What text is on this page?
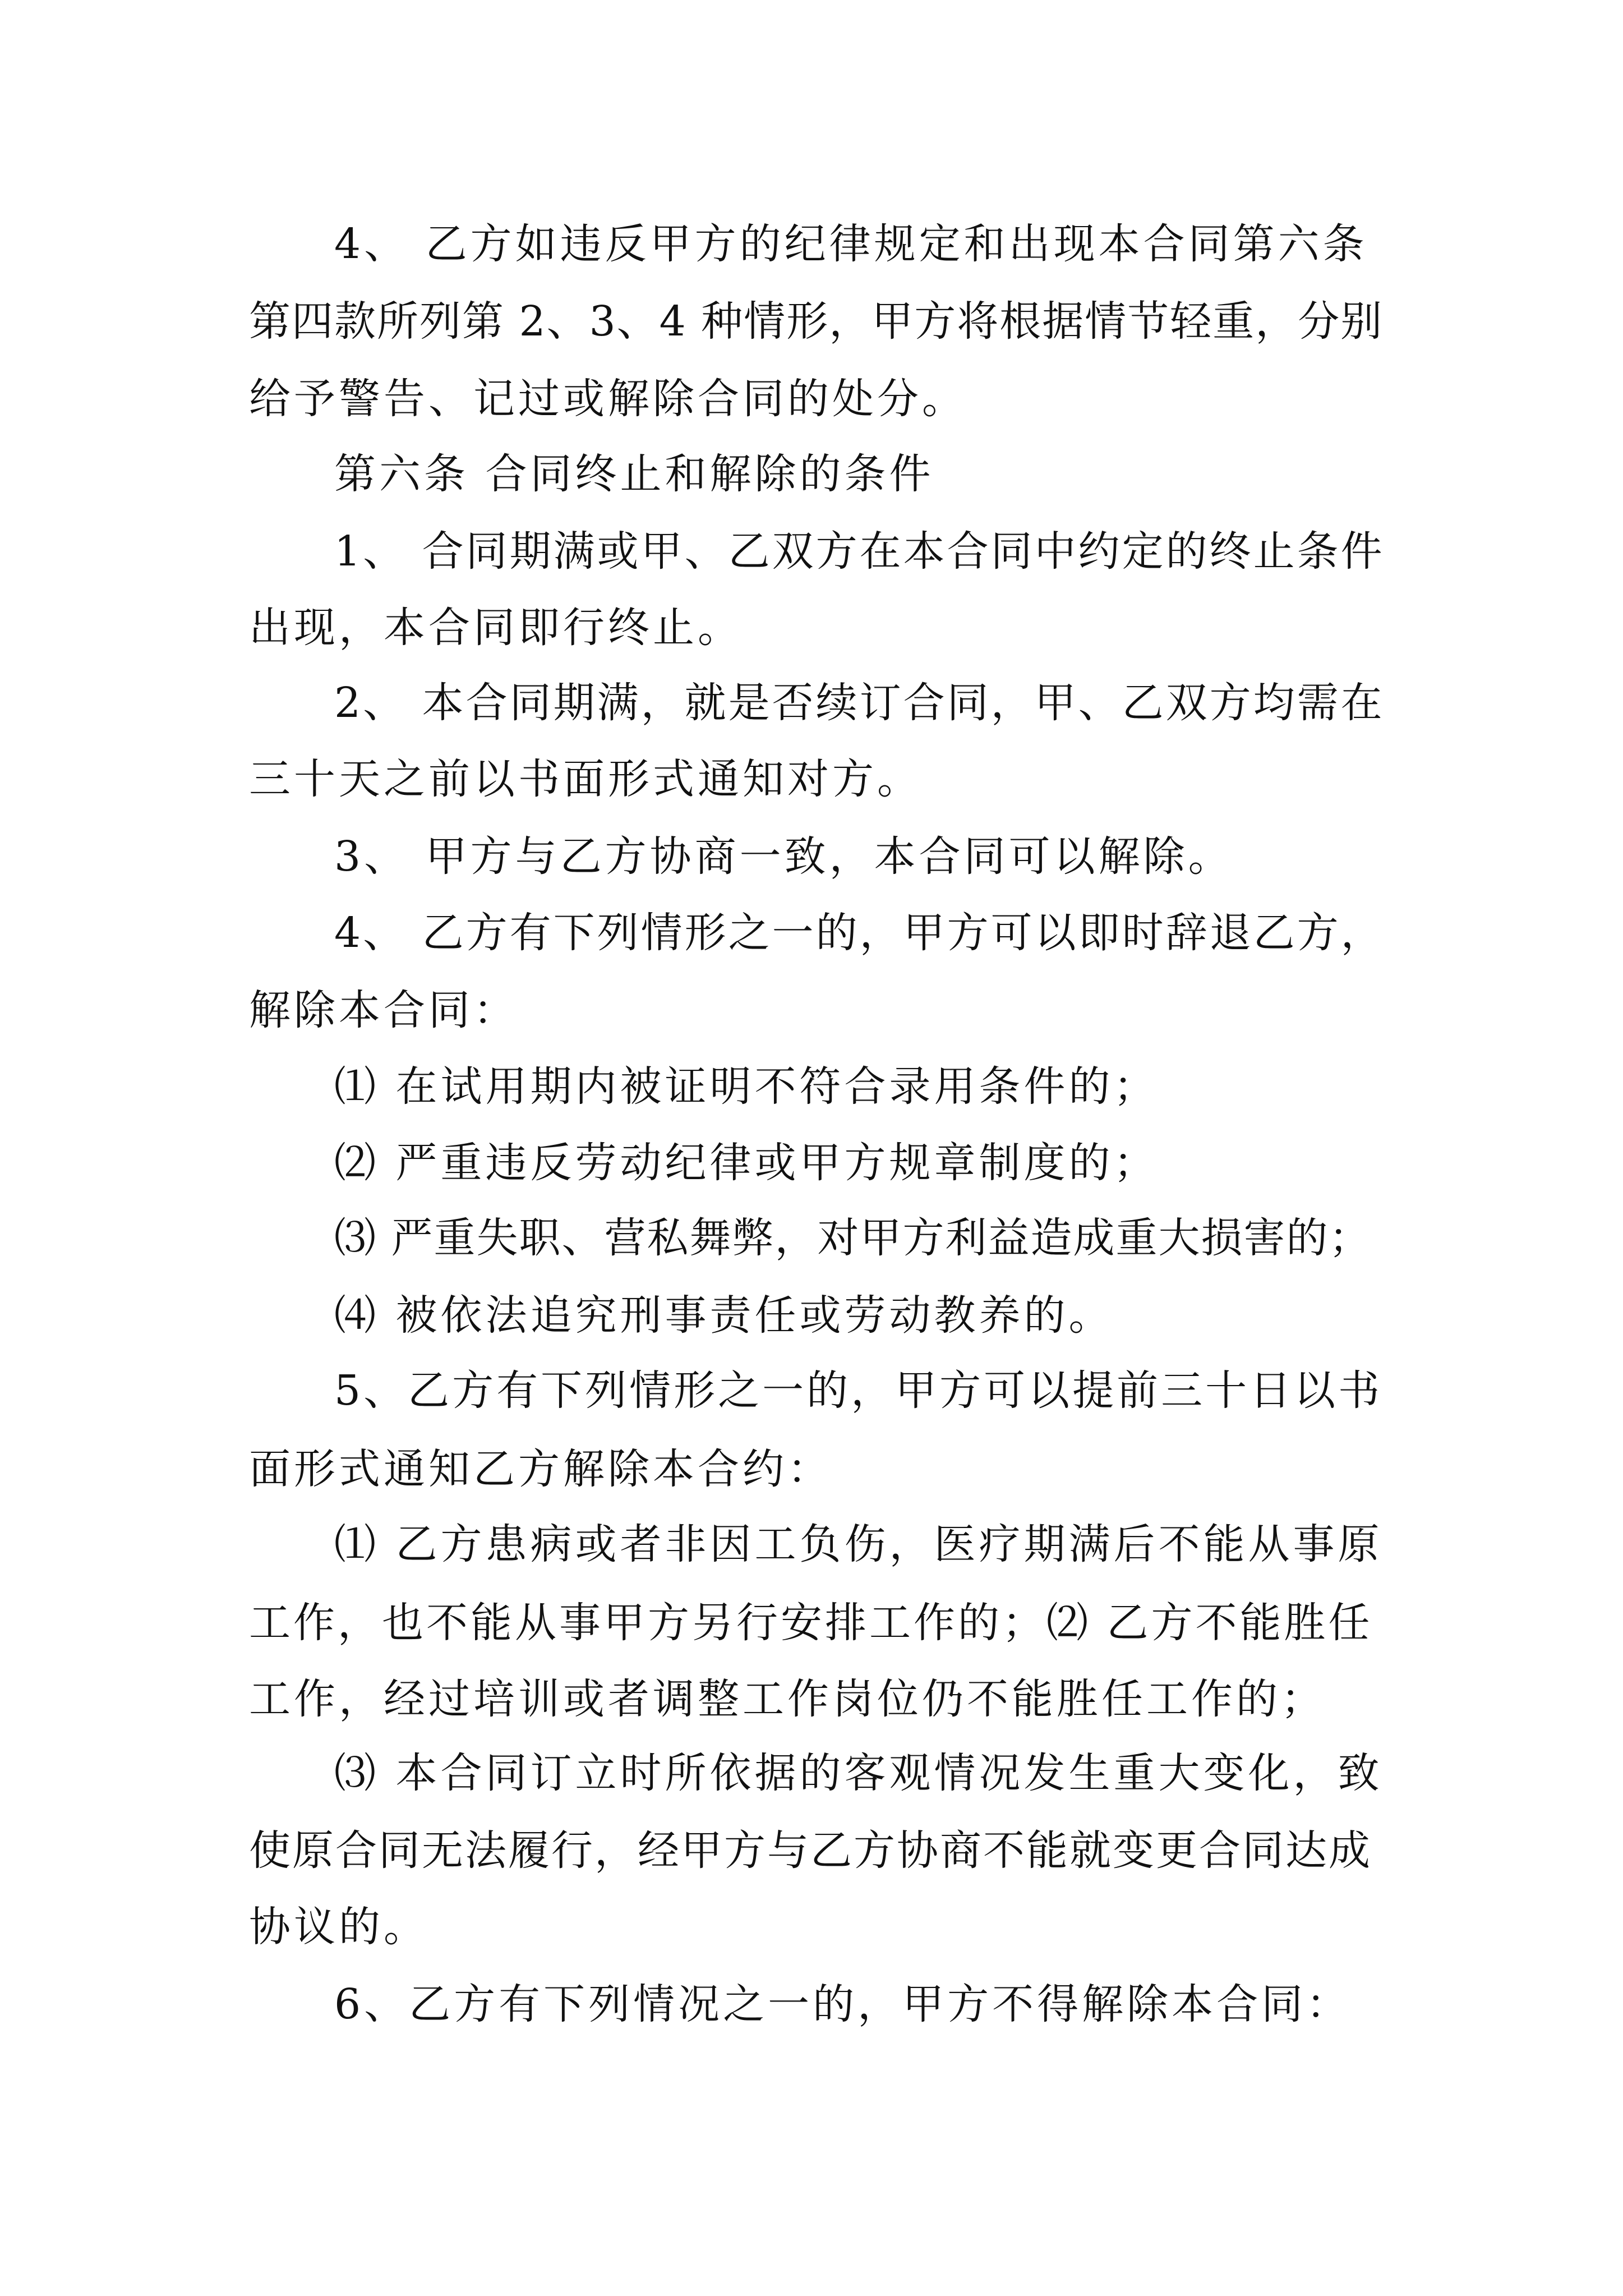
4、 乙方如违反甲方的纪律规定和出现本合同第六条
第四款所列第 2、3、4 种情形，甲方将根据情节轻重，分别
给予警告、记过或解除合同的处分。
第六条 合同终止和解除的条件
1、 合同期满或甲、乙双方在本合同中约定的终止条件
出现，本合同即行终止。
2、 本合同期满，就是否续订合同，甲、乙双方均需在
三十天之前以书面形式通知对方。
3、 甲方与乙方协商一致，本合同可以解除。
4、 乙方有下列情形之一的，甲方可以即时辞退乙方，
解除本合同：
⑴ 在试用期内被证明不符合录用条件的；
⑵ 严重违反劳动纪律或甲方规章制度的；
⑶ 严重失职、营私舞弊，对甲方利益造成重大损害的；
⑷ 被依法追究刑事责任或劳动教养的。
5、乙方有下列情形之一的，甲方可以提前三十日以书
面形式通知乙方解除本合约：
⑴ 乙方患病或者非因工负伤，医疗期满后不能从事原
工作，也不能从事甲方另行安排工作的；⑵ 乙方不能胜任
工作，经过培训或者调整工作岗位仍不能胜任工作的；
⑶ 本合同订立时所依据的客观情况发生重大变化，致
使原合同无法履行，经甲方与乙方协商不能就变更合同达成
协议的。
6、乙方有下列情况之一的，甲方不得解除本合同：
